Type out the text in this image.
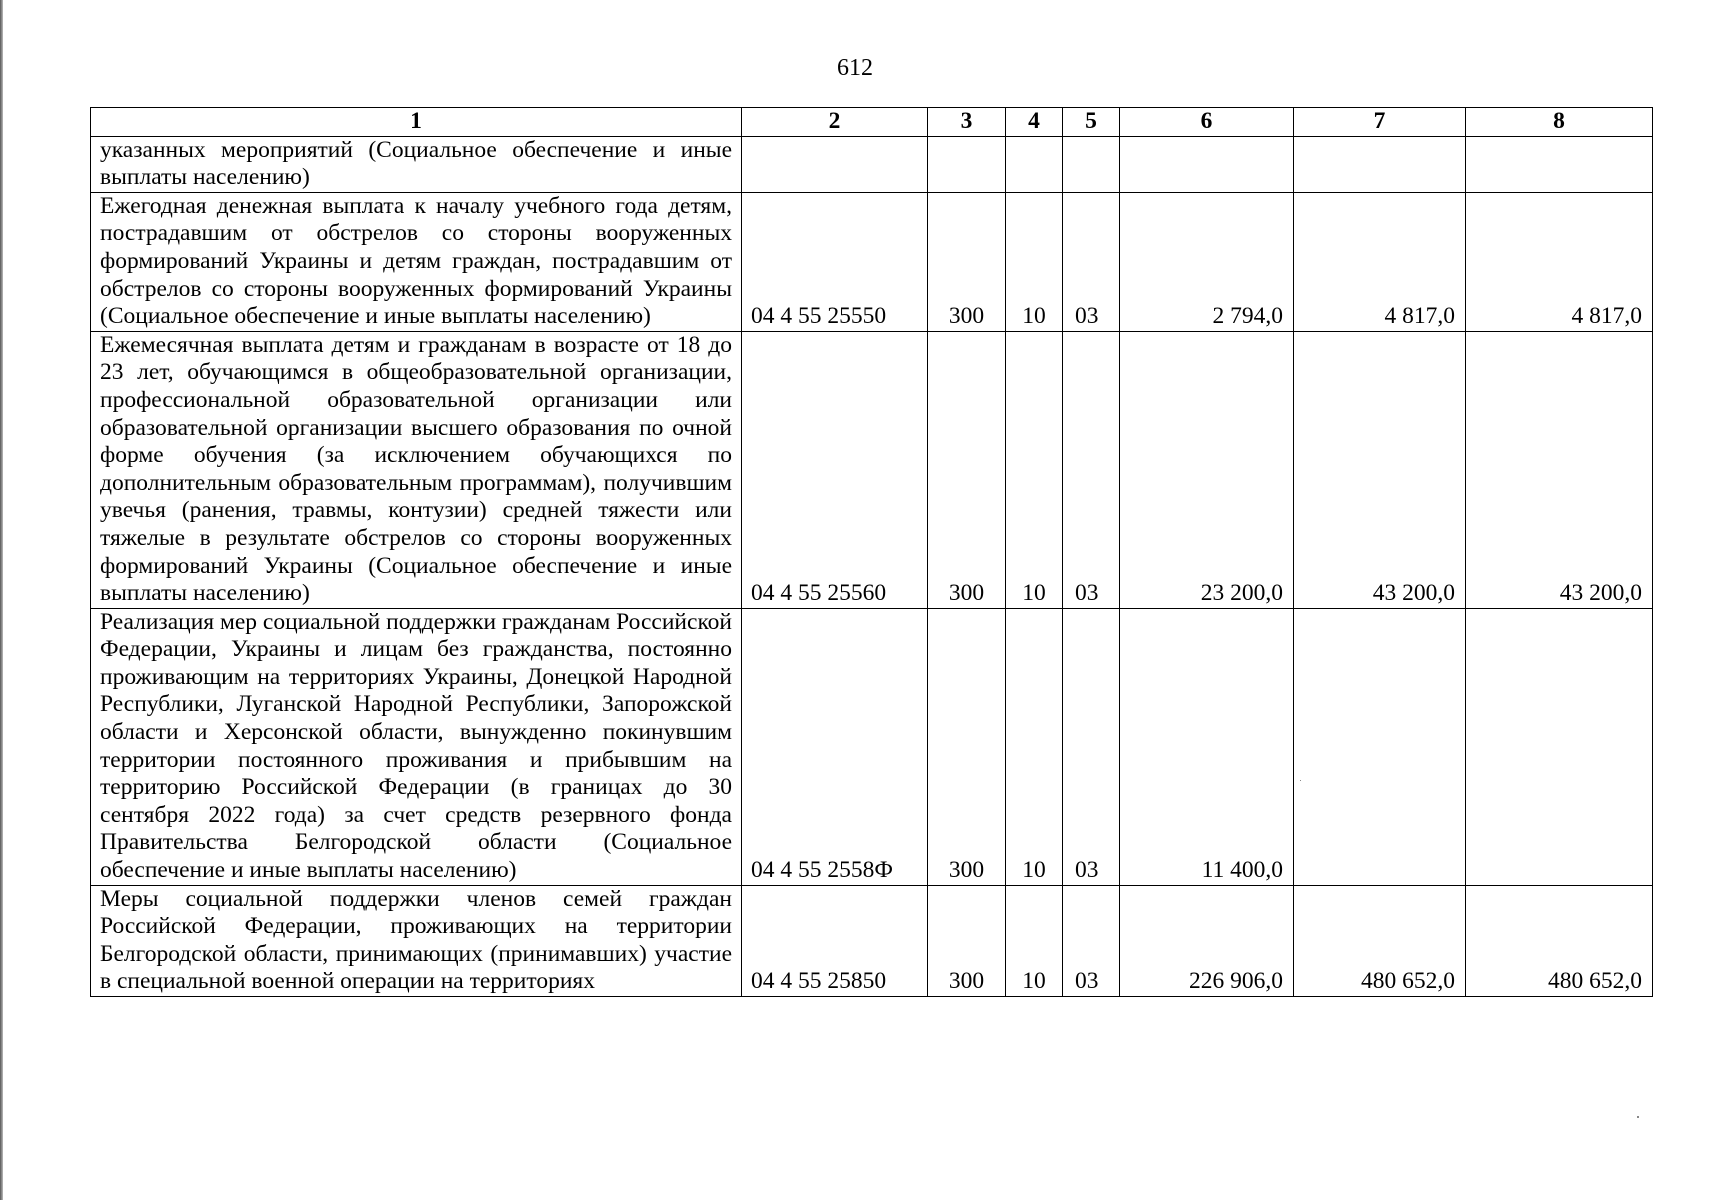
612
1	2	3	4	5	6	7	8
указанных мероприятий (Социальное обеспечение и иные выплаты населению)							
Ежегодная денежная выплата к началу учебного года детям, пострадавшим от обстрелов со стороны вооруженных формирований Украины и детям граждан, пострадавшим от обстрелов со стороны вооруженных формирований Украины (Социальное обеспечение и иные выплаты населению)	04 4 55 25550	300	10	03	2 794,0	4 817,0	4 817,0
Ежемесячная выплата детям и гражданам в возрасте от 18 до 23 лет, обучающимся в общеобразовательной организации, профессиональной образовательной организации или образовательной организации высшего образования по очной форме обучения (за исключением обучающихся по дополнительным образовательным программам), получившим увечья (ранения, травмы, контузии) средней тяжести или тяжелые в результате обстрелов со стороны вооруженных формирований Украины (Социальное обеспечение и иные выплаты населению)	04 4 55 25560	300	10	03	23 200,0	43 200,0	43 200,0
Реализация мер социальной поддержки гражданам Российской Федерации, Украины и лицам без гражданства, постоянно проживающим на территориях Украины, Донецкой Народной Республики, Луганской Народной Республики, Запорожской области и Херсонской области, вынужденно покинувшим территории постоянного проживания и прибывшим на территорию Российской Федерации (в границах до 30 сентября 2022 года) за счет средств резервного фонда Правительства Белгородской области (Социальное обеспечение и иные выплаты населению)	04 4 55 2558Ф	300	10	03	11 400,0		

Меры социальной поддержки членов семей граждан Российской Федерации, проживающих на территории Белгородской области, принимающих (принимавших) участие в специальной военной операции на территориях	04 4 55 25850	300	10	03	226 906,0	480 652,0	480 652,0
